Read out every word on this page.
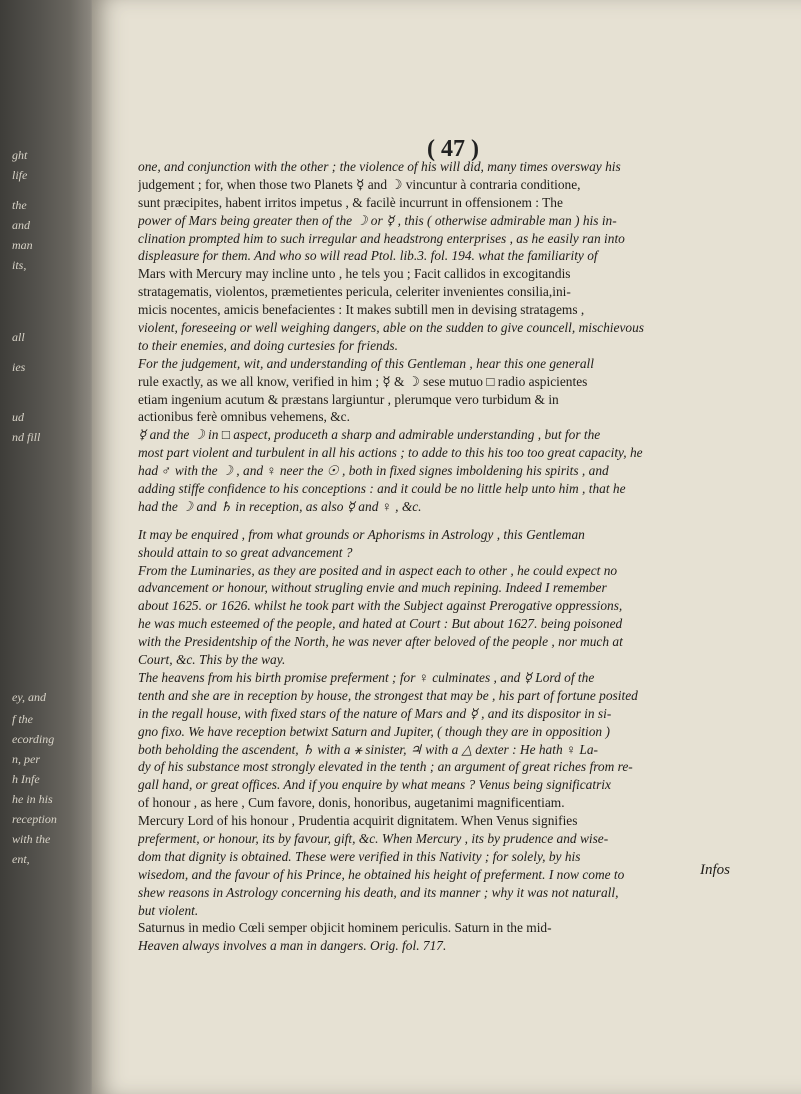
ght
life
the
and
man
its,
all
ies
ud
nd fill
ey, and
f the
ecording
n, per
h Infe
he in his
reception
with the
ent,
( 47 )
one, and conjunction with the other ; the violence of his will did, many times oversway his
judgement ; for, when those two Planets ☿ and ☽ vincuntur à contraria conditione,
sunt præcipites, habent irritos impetus , & facilè incurrunt in offensionem : The
power of Mars being greater then of the ☽ or ☿ , this ( otherwise admirable man ) his in-
clination prompted him to such irregular and headstrong enterprises , as he easily ran into
displeasure for them. And who so will read Ptol. lib.3. fol. 194. what the familiarity of
Mars with Mercury may incline unto , he tels you ; Facit callidos in excogitandis
stratagematis, violentos, præmetientes pericula, celeriter invenientes consilia,ini-
micis nocentes, amicis benefacientes : It makes subtill men in devising stratagems ,
violent, foreseeing or well weighing dangers, able on the sudden to give councell, mischievous
to their enemies, and doing curtesies for friends.
For the judgement, wit, and understanding of this Gentleman , hear this one generall
rule exactly, as we all know, verified in him ; ☿ & ☽ sese mutuo □ radio aspicientes
etiam ingenium acutum & præstans largiuntur , plerumque vero turbidum & in
actionibus ferè omnibus vehemens, &c.
☿ and the ☽ in □ aspect, produceth a sharp and admirable understanding , but for the
most part violent and turbulent in all his actions ; to adde to this his too too great capacity, he
had ♂ with the ☽ , and ♀ neer the ☉ , both in fixed signes imboldening his spirits , and
adding stiffe confidence to his conceptions : and it could be no little help unto him , that he
had the ☽ and ♄ in reception, as also ☿ and ♀ , &c.
It may be enquired , from what grounds or Aphorisms in Astrology , this Gentleman
should attain to so great advancement ?
From the Luminaries, as they are posited and in aspect each to other , he could expect no
advancement or honour, without strugling envie and much repining. Indeed I remember
about 1625. or 1626. whilst he took part with the Subject against Prerogative oppressions,
he was much esteemed of the people, and hated at Court : But about 1627. being poisoned
with the Presidentship of the North, he was never after beloved of the people , nor much at
Court, &c. This by the way.
The heavens from his birth promise preferment ; for ♀ culminates , and ☿ Lord of the
tenth and she are in reception by house, the strongest that may be , his part of fortune posited
in the regall house, with fixed stars of the nature of Mars and ☿ , and its dispositor in si-
gno fixo. We have reception betwixt Saturn and Jupiter, ( though they are in opposition )
both beholding the ascendent, ♄ with a ⚹ sinister, ♃ with a △ dexter : He hath ♀ La-
dy of his substance most strongly elevated in the tenth ; an argument of great riches from re-
gall hand, or great offices. And if you enquire by what means ? Venus being significatrix
of honour , as here , Cum favore, donis, honoribus, augetanimi magnificentiam.
Mercury Lord of his honour , Prudentia acquirit dignitatem. When Venus signifies
preferment, or honour, its by favour, gift, &c. When Mercury , its by prudence and wise-
dom that dignity is obtained. These were verified in this Nativity ; for solely, by his
wisedom, and the favour of his Prince, he obtained his height of preferment. I now come to
shew reasons in Astrology concerning his death, and its manner ; why it was not naturall,
but violent.
Saturnus in medio Cœli semper objicit hominem periculis. Saturn in the mid-
Heaven always involves a man in dangers. Orig. fol. 717.
Infos
